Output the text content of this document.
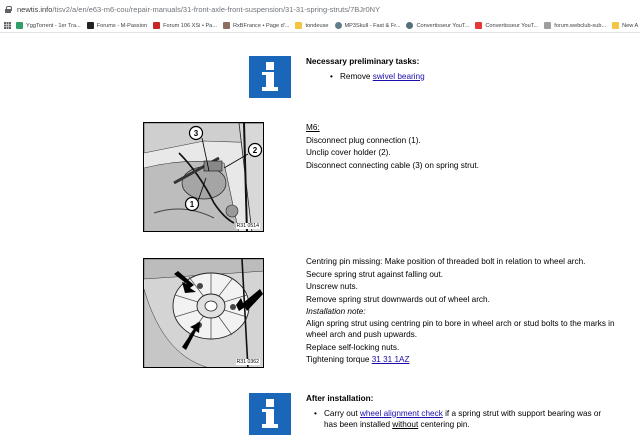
newtis.info/tisv2/a/en/e63-m6-cou/repair-manuals/31-front-axle-front-suspension/31-31-spring-struts/7BJr0NY
YggTorrent - 1er Tra...	Forums - M-Passion	Forum 106 XSi • Pa...	RxBFrance • Page d'...	tondeuse	MP3Skull - Fast & Fr...	Convertisseur YouT...	Convertisseur YouT...	forum.webclub-sub...	New A
Necessary preliminary tasks:
• Remove swivel bearing
3
2
1
R31 0514
M6:
Disconnect plug connection (1).
Unclip cover holder (2).
Disconnect connecting cable (3) on spring strut.
R31 0362
Centring pin missing: Make position of threaded bolt in relation to wheel arch.
Secure spring strut against falling out.
Unscrew nuts.
Remove spring strut downwards out of wheel arch.
Installation note:
Align spring strut using centring pin to bore in wheel arch or stud bolts to the marks in wheel arch and push upwards.
Replace self-locking nuts.
Tightening torque 31 31 1AZ
After installation:
• Carry out wheel alignment check if a spring strut with support bearing was or has been installed without centering pin.
